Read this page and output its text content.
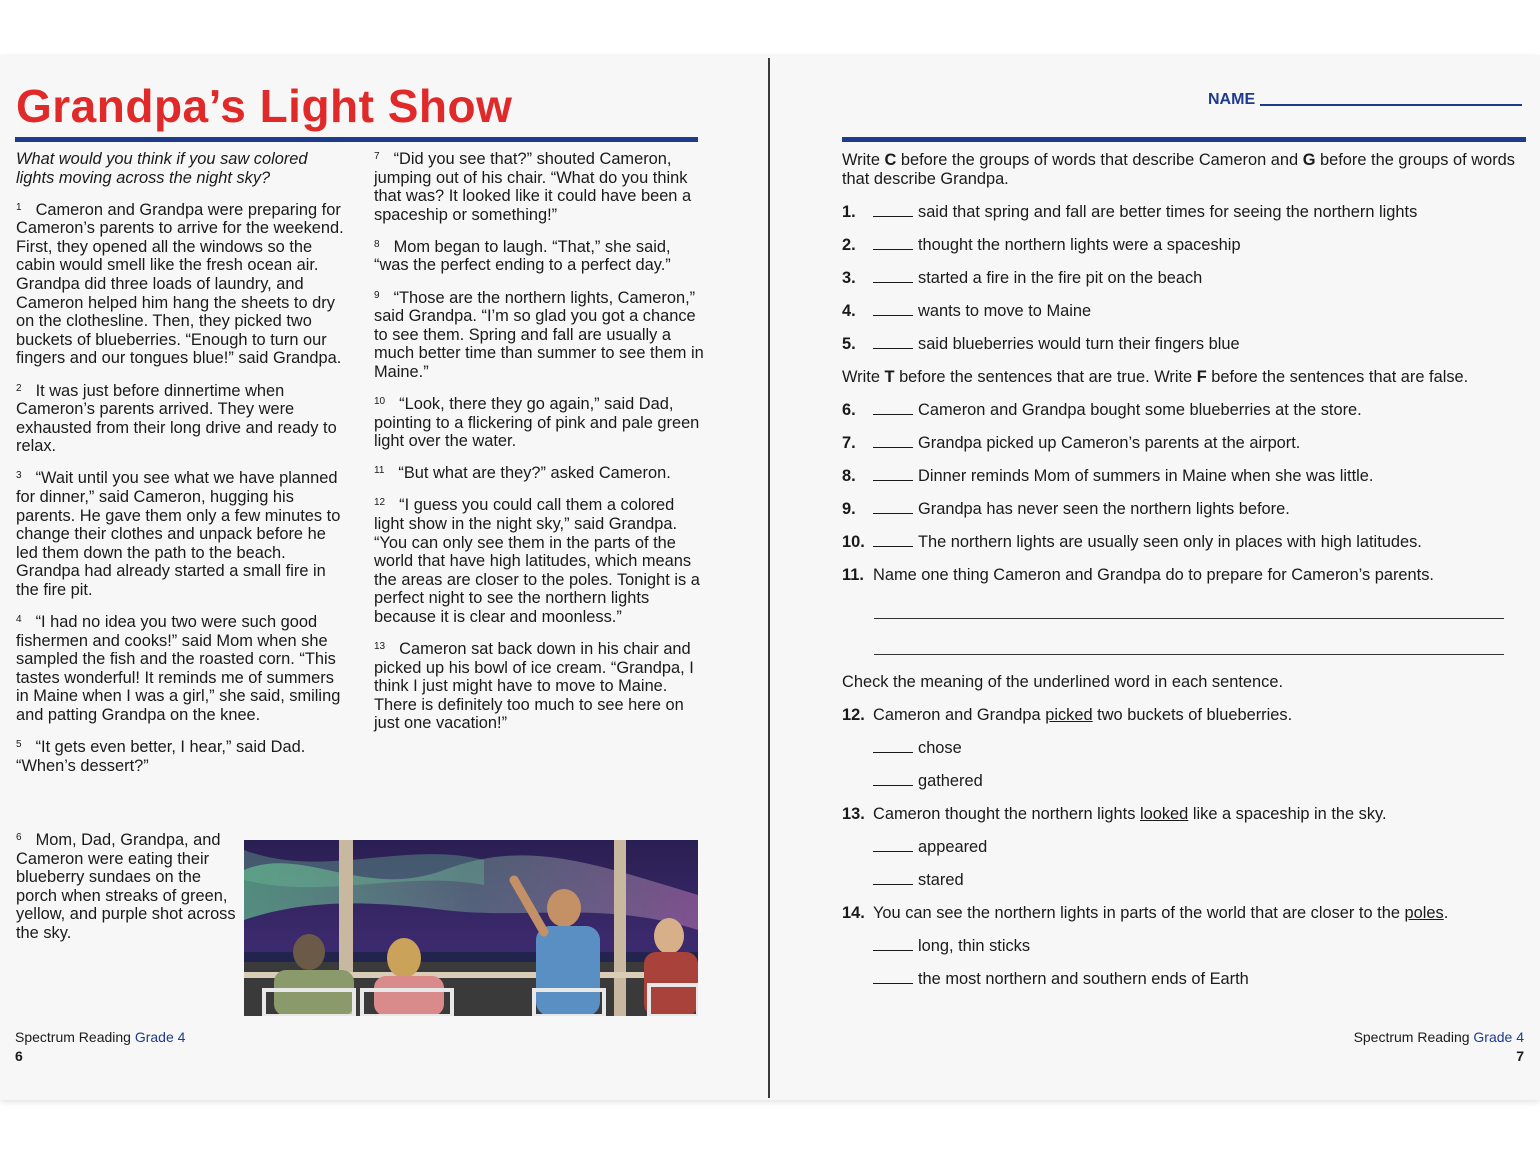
Grandpa’s Light Show

What would you think if you saw colored lights moving across the night sky?

$^1$ Cameron and Grandpa were preparing for Cameron’s parents to arrive for the weekend. First, they opened all the windows so the cabin would smell like the fresh ocean air. Grandpa did three loads of laundry, and Cameron helped him hang the sheets to dry on the clothesline. Then, they picked two buckets of blueberries. “Enough to turn our fingers and our tongues blue!” said Grandpa.

$^2$ It was just before dinnertime when Cameron’s parents arrived. They were exhausted from their long drive and ready to relax.

$^3$ “Wait until you see what we have planned for dinner,” said Cameron, hugging his parents. He gave them only a few minutes to change their clothes and unpack before he led them down the path to the beach. Grandpa had already started a small fire in the fire pit.

$^4$ “I had no idea you two were such good fishermen and cooks!” said Mom when she sampled the fish and the roasted corn. “This tastes wonderful! It reminds me of summers in Maine when I was a girl,” she said, smiling and patting Grandpa on the knee.

$^5$ “It gets even better, I hear,” said Dad. “When’s dessert?”

$^6$ Mom, Dad, Grandpa, and Cameron were eating their blueberry sundaes on the porch when streaks of green, yellow, and purple shot across the sky.

$^7$ “Did you see that?” shouted Cameron, jumping out of his chair. “What do you think that was? It looked like it could have been a spaceship or something!”

$^8$ Mom began to laugh. “That,” she said, “was the perfect ending to a perfect day.”

$^9$ “Those are the northern lights, Cameron,” said Grandpa. “I’m so glad you got a chance to see them. Spring and fall are usually a much better time than summer to see them in Maine.”

$^{10}$ “Look, there they go again,” said Dad, pointing to a flickering of pink and pale green light over the water.

$^{11}$ “But what are they?” asked Cameron.

$^{12}$ “I guess you could call them a colored light show in the night sky,” said Grandpa. “You can only see them in the parts of the world that have high latitudes, which means the areas are closer to the poles. Tonight is a perfect night to see the northern lights because it is clear and moonless.”

$^{13}$ Cameron sat back down in his chair and picked up his bowl of ice cream. “Grandpa, I think I just might have to move to Maine. There is definitely too much to see here on just one vacation!”

Spectrum Reading Grade 4
6
NAME

Write C before the groups of words that describe Cameron and G before the groups of words that describe Grandpa.

1.	said that spring and fall are better times for seeing the northern lights
2.	thought the northern lights were a spaceship
3.	started a fire in the fire pit on the beach
4.	wants to move to Maine
5.	said blueberries would turn their fingers blue

Write T before the sentences that are true. Write F before the sentences that are false.

6.	Cameron and Grandpa bought some blueberries at the store.
7.	Grandpa picked up Cameron’s parents at the airport.
8.	Dinner reminds Mom of summers in Maine when she was little.
9.	Grandpa has never seen the northern lights before.
10.	The northern lights are usually seen only in places with high latitudes.
11. Name one thing Cameron and Grandpa do to prepare for Cameron’s parents.

Check the meaning of the underlined word in each sentence.

12. Cameron and Grandpa picked two buckets of blueberries.
chose
gathered
13. Cameron thought the northern lights looked like a spaceship in the sky.
appeared
stared
14. You can see the northern lights in parts of the world that are closer to the poles.
long, thin sticks
the most northern and southern ends of Earth
Spectrum Reading Grade 4
7
